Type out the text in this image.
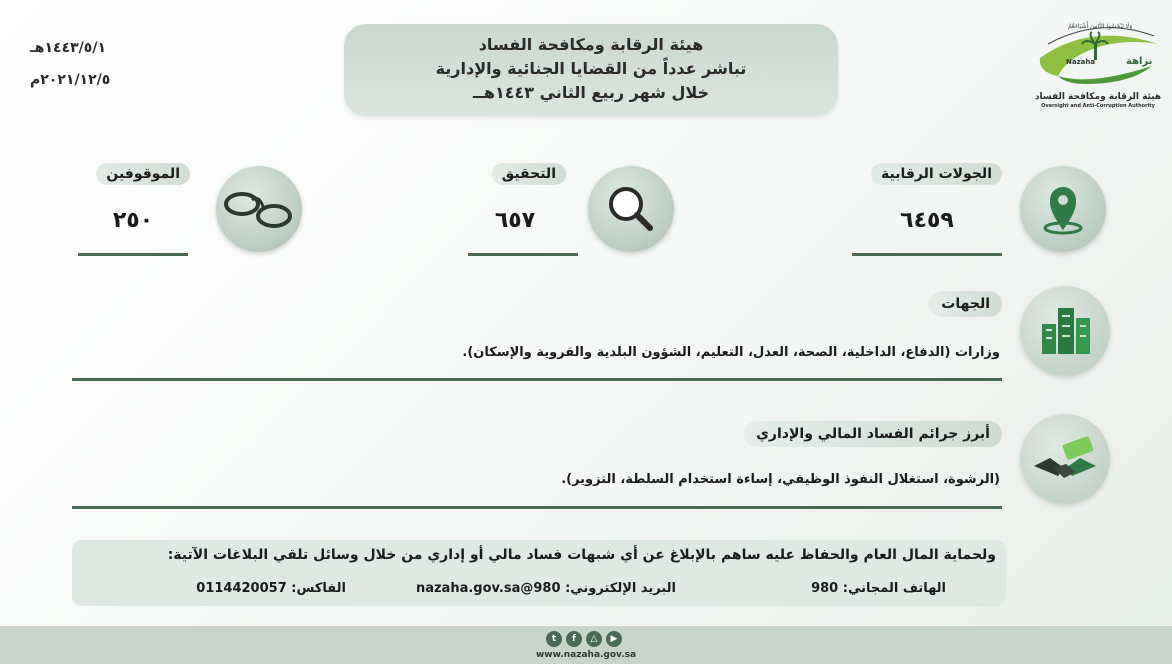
١٤٤٣/٥/١هـ
٢٠٢١/١٢/٥م
هيئة الرقابة ومكافحة الفساد
تباشر عدداً من القضايا الجنائية والإدارية
خلال شهر ربيع الثاني ١٤٤٣هــ
وَلَا تَبْخَسُوا النَّاسَ أَشْيَاءَهُمْ
Nazaha	نزاهة
هيئة الرقابة ومكافحة الفساد
Oversight and Anti-Corruption Authority
الجولات الرقابية
٦٤٥٩
التحقيق
٦٥٧
الموقوفين
٢٥٠
الجهات
وزارات (الدفاع، الداخلية، الصحة، العدل، التعليم، الشؤون البلدية والقروية والإسكان).
أبرز جرائم الفساد المالي والإداري
(الرشوة، استغلال النفوذ الوظيفي، إساءة استخدام السلطة، التزوير).
ولحماية المال العام والحفاظ عليه ساهم بالإبلاغ عن أي شبهات فساد مالي أو إداري من خلال وسائل تلقي البلاغات الآتية:
الهاتف المجاني: 980
البريد الإلكتروني: 980@nazaha.gov.sa
الفاكس: 0114420057
t	f	△	▶
www.nazaha.gov.sa
